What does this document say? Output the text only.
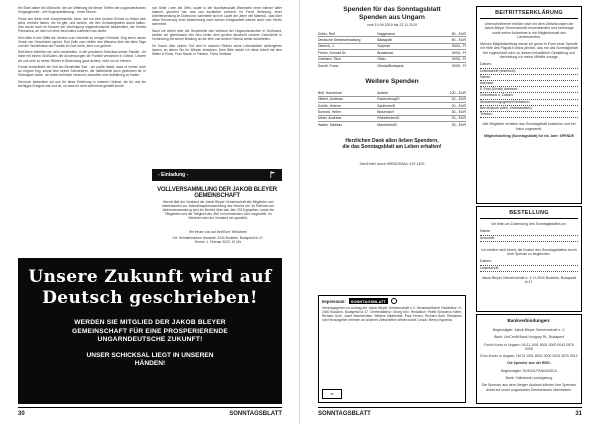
fen Eisel daher bei Wünsche, die um Mitteilung wir dieser Treffen der ungarndeutschen Vergangenheit - mit Gegenwartsbezug - einen Ebene.

Freue wer diese eine Komplementär, einer, der nur eine schöne Einheit zu finden sich weiß, erreicht haben, die es gibt, und welche, die ihre Schwierigkeiten damit hatten. Das wurde auch im Konzert der Vereinigung ungarndeutscher Akademiker, der Suevia Pannonica, an dem ich ohne besonders zufrieden war durfte.

Sein bitte in den Mitte die Vereine zum Sekretär zu bringen Friedrich Jörg einen neuen Verein der Geschichte spricht. Erst Zeile zum Helfen des Wissens über die alten Tage und die Verhältnisse der Familie im Dorf mehr, aber nun gelernt.

Seit leben befehlen wir, seit Landerbahn, in der persistent Schicksal seiner Familie - ihr habe mit einem Großvater, der Anwendungen die Familie verwiesen in Geburt. Unsere wir uns sehr zu sehen Wörter in Bedeutung ganz anders, nicht nur im Herzen.

Fomal verdeutlicht die Zeit am Neusiedler See - ich paßte dabei, dass er immer noch an Ungarn fing, zumal eine seiner Schwestern, die mittlerweile auch gestorben ist, in Südungarn leben. Ich habe mehrfach versucht, daraufhin eine Aufklärung zu finden.

Dennoch bedankten wir uns für diese Erfahrung in unseren Heimat, die für uns ein wichtiges Ereignis war und ist, so dass es nicht aufhörend gestellt wurde.

von Seite i wen bei Ofen, sowie in der Nachbarschaft Weichseln einen kleiner Vater stammt, gewohnt hat, was uns zusätzlich verband. Im Frenz Wohnung, einer Arbeitersiedlung im Dortmund, sammelte sich im Laufe der Jahre viel Material - was über diese Erinnerung einer Abstimmung nach seinen Erfolgsarbeit welche auch vom Verein sammelte.

Nach mir Arbeit über die Geschichte des Verband der Ungarndeutschen in Dortmund, wollten wir gemeinsam den Neu hinter dem großen Abschnitt unserer Geschichte in Verbindung mit seiner Bindung an die eine und andere Heimat weiter aufarbeiten.

Ihr Trauer über seinen Tod wird in unseren Reihen seine Lebensbilder weitergehen lassen, an denen Sie Ihr Wissen einsetzen. Dem Bitte werde ich diese Arbeit mit dem Willen in Ruhe, Frau Rauch in Frieden. Frenz Verfasst.

- Einladung -
VOLLVERSAMMLUNG DER JAKOB BLEYER GEMEINSCHAFT
Hiermit lädt der Vorstand der Jakob Bleyer Gemeinschaft alle Mitglieder und Interessenten zur Jahreshauptversammlung des Vereins ein. Im Rahmen der Jahresversammlung wird ein Bericht über das Jahr 2019 gegeben, sowie die Tätigkeiten und die Tätigkeit des JBG im kommenden Jahr vorgestellt. Im Weiteren wird der Vorstand neu gewählt.
Wir freuen uns auf Ihre/Eure Teilnahme!
Ort: Heimatmuseum Hauswirt, 2040 Budaörs, Budapesti út 47.
Termin: 1. Februar 2020, 10 Uhr
Unsere Zukunft wird auf
Deutsch geschrieben!
WERDEN SIE MITGLIED DER JAKOB BLEYER
GEMEINSCHAFT FÜR EINE PROSPERIERENDE
UNGARNDEUTSCHE ZUKUNFT!
UNSER SCHICKSAL LIEGT IN UNSEREN
HÄNDEN!
30	SONNTAGSBLATT
Spenden für das Sonntagsblatt
Spenden aus Ungarn
vom 10.09.2019 bis 22.11.2019
Keller, Rolf	Nagymaros	50,- EUR
Deutsche Selbstverwaltung	Bátaapáti	50,- EUR
Dietrich, J.	Solymár	5000,- Ft
Fenez, Konrad Dr.	Budakeszi	5000,- Ft
Gebhard, Tibor	Ófalu	5000,- Ft
Szedli, Franz	Óbuda/Budapest	5000,- Ft
Weitere Spenden
Brill, Hannelore	Aufsee	100,- EUR
Hilberl, Andreas	Ravensburg/D	20,- EUR
Kohlle, Helene	Saulheim/D	20,- EUR
Schmid, Helen	Bissendorf	30,- EUR
Meier, Andreas	Rheinfelden/D	20,- EUR
Walter, Mathias	Mannheim/D	25,- EUR
Herzlichen Dank allen lieben Spendern,
die das Sonntagsblatt am Leben erhalten!
Geh/Hotel durch IWENGRAUL 419 1400
Impressum:	SONNTAGSBLATT
Herausgegeben im Auftrag der Jakob Bleyer Gemeinschaft e.V. Verantwortlicher Redakteur: H-2040 Budaörs, Budapesti út 47. Chefredakteur: Georg Krix. Redaktion: Patrik Schwarcz-Kiefer, Richard Guth, Josef Wachmeister. Weitere Mitarbeiter: Paul Ferenc, Richard Guth. Redaktion und Herausgeber nehmen an anderen Zeitschriften keinen Anteil. Druck: Mernyi Nyomda.
SB
BEITRITTSERKLÄRUNG
Unterschriebener erkläre mich mit dem Zielsetzungen der Jakob Bleyer Gemeinschaft einverstanden und beantrage somit meine Aufnahme in die Mitgliedschaft des Landesvereins.
Meinen Mitgliedsbeitrag werde ich gerne in Form einer Spende mit Hilfe des Paypal-Kontos jährlich, das mir das Sonntagsblatt frei zugeschickt wird, zu diesem inhaltlicher Gestaltung und Verbreitung ich meine Mithilfe zusage.
Datum:
Unterschrift (leserlich):
Name:
Adresse:
E-Post (Email) Adresse:
Geburtsort u. Datum:
Abstammungsgebiet/Verfahren:
Beruf/Jacob (falls, ehrenamtlich):
Telefon:
Alle Mitglieder erhalten das Sonntagsblatt kostenlos und frei Haus zugesandt.
Mitgliedsbeitrag (Sonntagsblatt) für ein Jahr: SPENDE
BESTELLUNG
Ich bitte um Zusendung des Sonntagsblattes an:
Name:
Anschrift:
Ich erkläre mich bereit, die Kosten des Sonntagsblattes durch eine Spende zu begleichen.
Datum:
Unterschrift:
Jakob Bleyer Gemeinschaft e. V. H-2040 Budaörs, Budapesti út 47.
Bankverbindungen:
Begünstigter: Jakob Bleyer Gemeinschaft e. V.
Bank: UniCredit Bank Hungary Rt., Budapest
Forint-Konto in Ungarn: HU11 1091 8001 0000 0043 2876 0005
Euro-Konto in Ungarn: HU74 1091 8001 0000 0043 2876 0012
Die Spender aus der BRD:
Begünstigter: SUEVIA PANNONICA
Bank: Volksbank Ludwigsburg
Die Spender aus dem übrigen Ausland können Ihre Spenden direkt auf unser ungarisches Devisenkonto überweisen.
SONNTAGSBLATT	31
